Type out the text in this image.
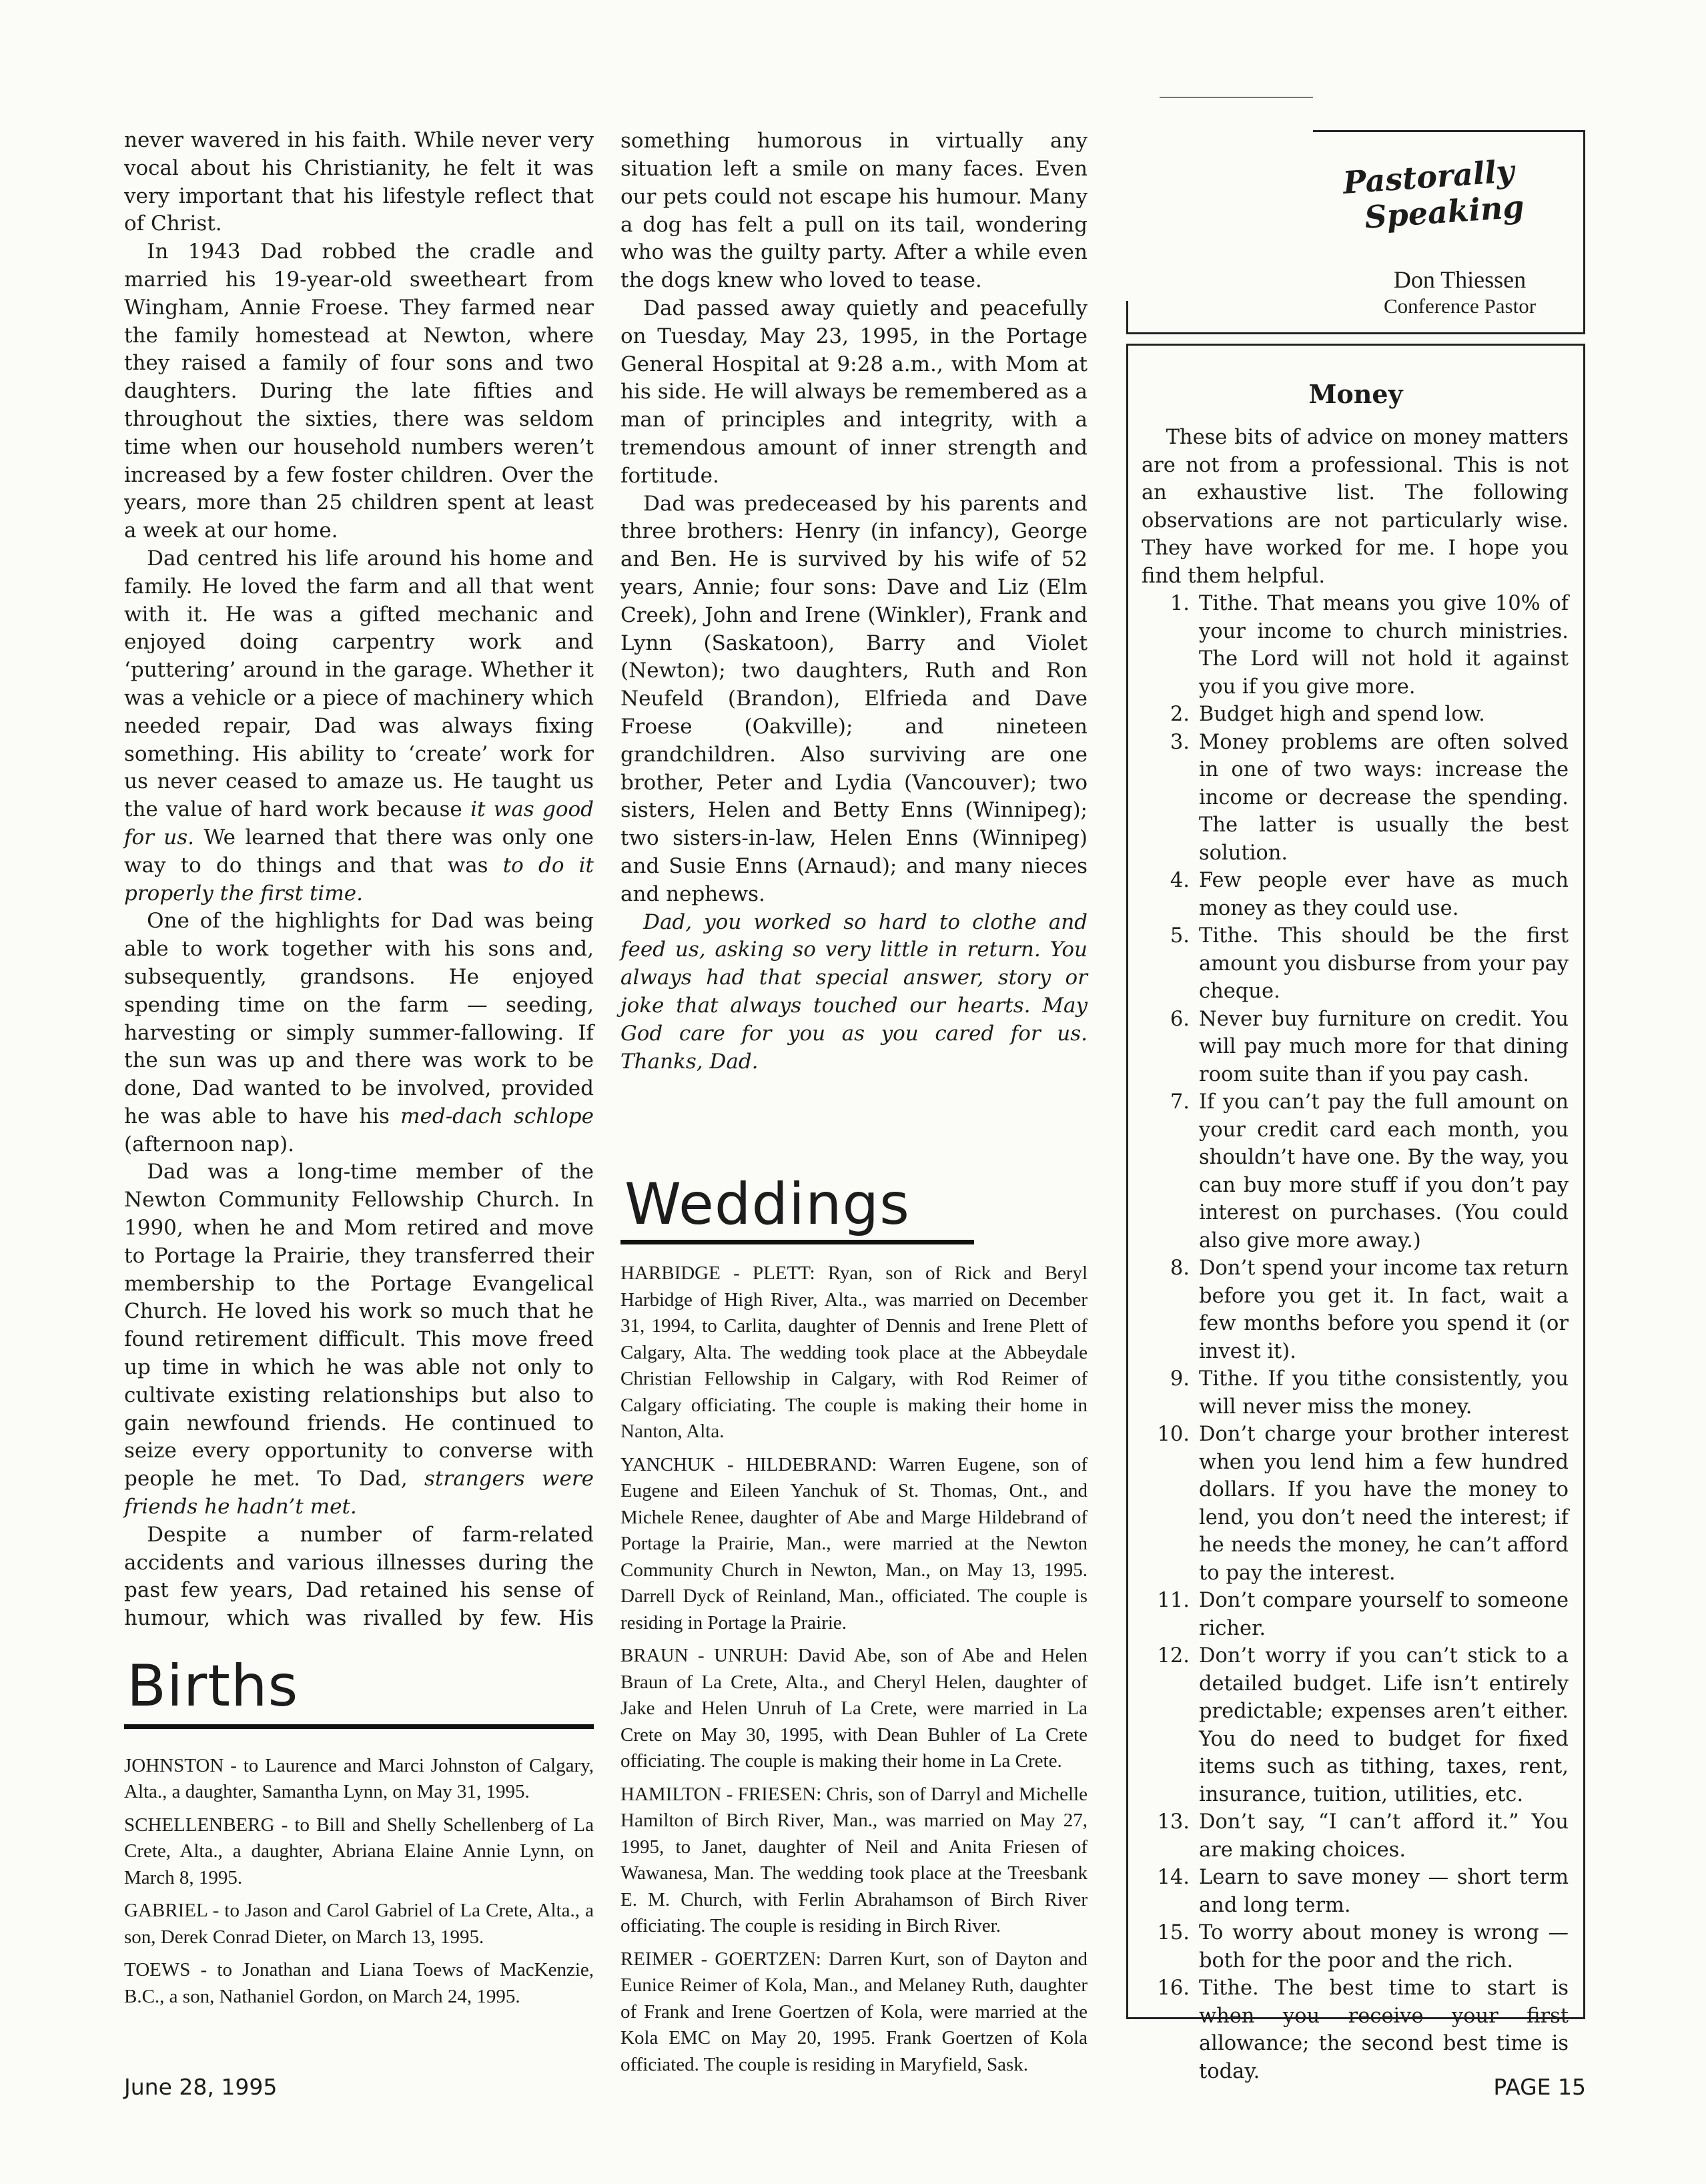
never wavered in his faith. While never very vocal about his Christianity, he felt it was very important that his lifestyle reflect that of Christ.

In 1943 Dad robbed the cradle and married his 19-year-old sweetheart from Wingham, Annie Froese. They farmed near the family homestead at Newton, where they raised a family of four sons and two daughters. During the late fifties and throughout the sixties, there was seldom time when our household numbers weren’t increased by a few foster children. Over the years, more than 25 children spent at least a week at our home.

Dad centred his life around his home and family. He loved the farm and all that went with it. He was a gifted mechanic and enjoyed doing carpentry work and ‘puttering’ around in the garage. Whether it was a vehicle or a piece of machinery which needed repair, Dad was always fixing something. His ability to ‘create’ work for us never ceased to amaze us. He taught us the value of hard work because it was good for us. We learned that there was only one way to do things and that was to do it properly the first time.

One of the highlights for Dad was being able to work together with his sons and, subsequently, grandsons. He enjoyed spending time on the farm — seeding, harvesting or simply summer-fallowing. If the sun was up and there was work to be done, Dad wanted to be involved, provided he was able to have his med-dach schlope (afternoon nap).

Dad was a long-time member of the Newton Community Fellowship Church. In 1990, when he and Mom retired and move to Portage la Prairie, they transferred their membership to the Portage Evangelical Church. He loved his work so much that he found retirement difficult. This move freed up time in which he was able not only to cultivate existing relationships but also to gain newfound friends. He continued to seize every opportunity to converse with people he met. To Dad, strangers were friends he hadn’t met.

Despite a number of farm-related accidents and various illnesses during the past few years, Dad retained his sense of humour, which was rivalled by few. His

Births

JOHNSTON - to Laurence and Marci Johnston of Calgary, Alta., a daughter, Samantha Lynn, on May 31, 1995.

SCHELLENBERG - to Bill and Shelly Schellenberg of La Crete, Alta., a daughter, Abriana Elaine Annie Lynn, on March 8, 1995.

GABRIEL - to Jason and Carol Gabriel of La Crete, Alta., a son, Derek Conrad Dieter, on March 13, 1995.

TOEWS - to Jonathan and Liana Toews of MacKenzie, B.C., a son, Nathaniel Gordon, on March 24, 1995.

something humorous in virtually any situation left a smile on many faces. Even our pets could not escape his humour. Many a dog has felt a pull on its tail, wondering who was the guilty party. After a while even the dogs knew who loved to tease.

Dad passed away quietly and peacefully on Tuesday, May 23, 1995, in the Portage General Hospital at 9:28 a.m., with Mom at his side. He will always be remembered as a man of principles and integrity, with a tremendous amount of inner strength and fortitude.

Dad was predeceased by his parents and three brothers: Henry (in infancy), George and Ben. He is survived by his wife of 52 years, Annie; four sons: Dave and Liz (Elm Creek), John and Irene (Winkler), Frank and Lynn (Saskatoon), Barry and Violet (Newton); two daughters, Ruth and Ron Neufeld (Brandon), Elfrieda and Dave Froese (Oakville); and nineteen grandchildren. Also surviving are one brother, Peter and Lydia (Vancouver); two sisters, Helen and Betty Enns (Winnipeg); two sisters-in-law, Helen Enns (Winnipeg) and Susie Enns (Arnaud); and many nieces and nephews.

Dad, you worked so hard to clothe and feed us, asking so very little in return. You always had that special answer, story or joke that always touched our hearts. May God care for you as you cared for us. Thanks, Dad.

Weddings

HARBIDGE - PLETT: Ryan, son of Rick and Beryl Harbidge of High River, Alta., was married on December 31, 1994, to Carlita, daughter of Dennis and Irene Plett of Calgary, Alta. The wedding took place at the Abbeydale Christian Fellowship in Calgary, with Rod Reimer of Calgary officiating. The couple is making their home in Nanton, Alta.

YANCHUK - HILDEBRAND: Warren Eugene, son of Eugene and Eileen Yanchuk of St. Thomas, Ont., and Michele Renee, daughter of Abe and Marge Hildebrand of Portage la Prairie, Man., were married at the Newton Community Church in Newton, Man., on May 13, 1995. Darrell Dyck of Reinland, Man., officiated. The couple is residing in Portage la Prairie.

BRAUN - UNRUH: David Abe, son of Abe and Helen Braun of La Crete, Alta., and Cheryl Helen, daughter of Jake and Helen Unruh of La Crete, were married in La Crete on May 30, 1995, with Dean Buhler of La Crete officiating. The couple is making their home in La Crete.

HAMILTON - FRIESEN: Chris, son of Darryl and Michelle Hamilton of Birch River, Man., was married on May 27, 1995, to Janet, daughter of Neil and Anita Friesen of Wawanesa, Man. The wedding took place at the Treesbank E. M. Church, with Ferlin Abrahamson of Birch River officiating. The couple is residing in Birch River.

REIMER - GOERTZEN: Darren Kurt, son of Dayton and Eunice Reimer of Kola, Man., and Melaney Ruth, daughter of Frank and Irene Goertzen of Kola, were married at the Kola EMC on May 20, 1995. Frank Goertzen of Kola officiated. The couple is residing in Maryfield, Sask.

Pastorally
Speaking
Don Thiessen
Conference Pastor
Money

These bits of advice on money matters are not from a professional. This is not an exhaustive list. The following observations are not particularly wise. They have worked for me. I hope you find them helpful.

1. Tithe. That means you give 10% of your income to church ministries. The Lord will not hold it against you if you give more.
2. Budget high and spend low.
3. Money problems are often solved in one of two ways: increase the income or decrease the spending. The latter is usually the best solution.
4. Few people ever have as much money as they could use.
5. Tithe. This should be the first amount you disburse from your pay cheque.
6. Never buy furniture on credit. You will pay much more for that dining room suite than if you pay cash.
7. If you can’t pay the full amount on your credit card each month, you shouldn’t have one. By the way, you can buy more stuff if you don’t pay interest on purchases. (You could also give more away.)
8. Don’t spend your income tax return before you get it. In fact, wait a few months before you spend it (or invest it).
9. Tithe. If you tithe consistently, you will never miss the money.
10. Don’t charge your brother interest when you lend him a few hundred dollars. If you have the money to lend, you don’t need the interest; if he needs the money, he can’t afford to pay the interest.
11. Don’t compare yourself to someone richer.
12. Don’t worry if you can’t stick to a detailed budget. Life isn’t entirely predictable; expenses aren’t either. You do need to budget for fixed items such as tithing, taxes, rent, insurance, tuition, utilities, etc.
13. Don’t say, “I can’t afford it.” You are making choices.
14. Learn to save money — short term and long term.
15. To worry about money is wrong — both for the poor and the rich.
16. Tithe. The best time to start is when you receive your first allowance; the second best time is today.
June 28, 1995	PAGE 15
